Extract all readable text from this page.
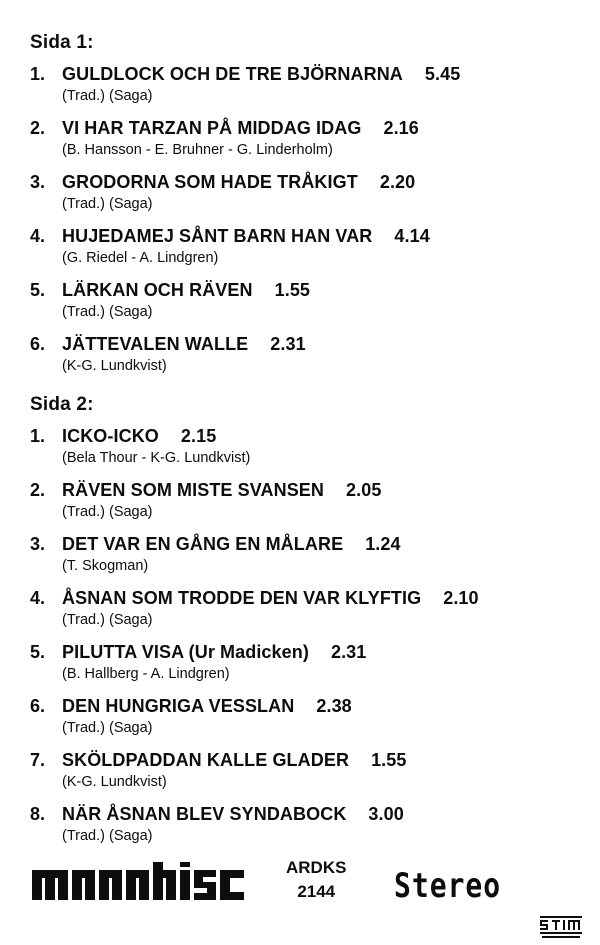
Sida 1:
1. GULDLOCK OCH DE TRE BJÖRNARNA 5.45
(Trad.) (Saga)
2. VI HAR TARZAN PÅ MIDDAG IDAG 2.16
(B. Hansson - E. Bruhner - G. Linderholm)
3. GRODORNA SOM HADE TRÅKIGT 2.20
(Trad.) (Saga)
4. HUJEDAMEJ SÅNT BARN HAN VAR 4.14
(G. Riedel - A. Lindgren)
5. LÄRKAN OCH RÄVEN 1.55
(Trad.) (Saga)
6. JÄTTEVALEN WALLE 2.31
(K-G. Lundkvist)
Sida 2:
1. ICKO-ICKO 2.15
(Bela Thour - K-G. Lundkvist)
2. RÄVEN SOM MISTE SVANSEN 2.05
(Trad.) (Saga)
3. DET VAR EN GÅNG EN MÅLARE 1.24
(T. Skogman)
4. ÅSNAN SOM TRODDE DEN VAR KLYFTIG 2.10
(Trad.) (Saga)
5. PILUTTA VISA (Ur Madicken) 2.31
(B. Hallberg - A. Lindgren)
6. DEN HUNGRIGA VESSLAN 2.38
(Trad.) (Saga)
7. SKÖLDPADDAN KALLE GLADER 1.55
(K-G. Lundkvist)
8. NÄR ÅSNAN BLEV SYNDABOCK 3.00
(Trad.) (Saga)
ARDKS
2144	Stereo
